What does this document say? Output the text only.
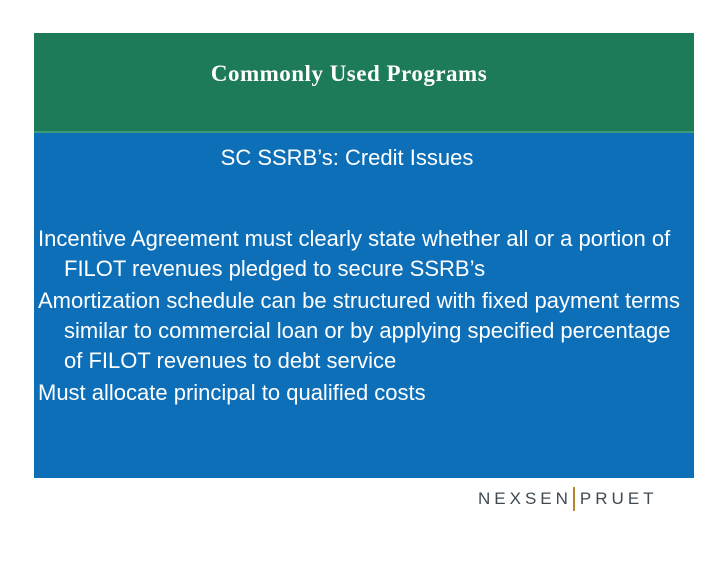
Commonly Used Programs
SC SSRB’s: Credit Issues
Incentive Agreement must clearly state whether all or a portion of FILOT revenues pledged to secure SSRB’s
Amortization schedule can be structured with fixed payment terms similar to commercial loan or by applying specified percentage of FILOT revenues to debt service
Must allocate principal to qualified costs
NEXSEN PRUET
